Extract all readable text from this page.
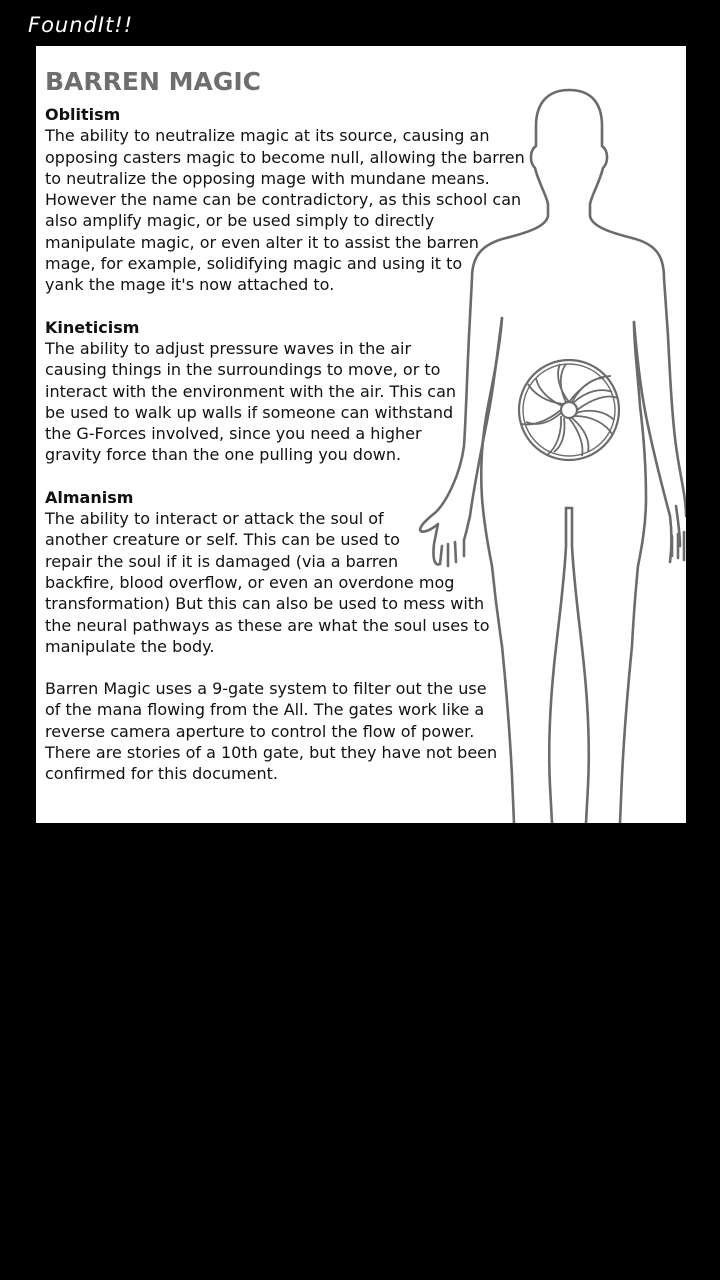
FoundIt!!
BARREN MAGIC

Oblitism

The ability to neutralize magic at its source, causing an
opposing casters magic to become null, allowing the barren
to neutralize the opposing mage with mundane means.
However the name can be contradictory, as this school can
also amplify magic, or be used simply to directly
manipulate magic, or even alter it to assist the barren
mage, for example, solidifying magic and using it to
yank the mage it's now attached to.

Kineticism

The ability to adjust pressure waves in the air
causing things in the surroundings to move, or to
interact with the environment with the air. This can
be used to walk up walls if someone can withstand
the G-Forces involved, since you need a higher
gravity force than the one pulling you down.

Almanism

The ability to interact or attack the soul of
another creature or self. This can be used to
repair the soul if it is damaged (via a barren
backfire, blood overflow, or even an overdone mog
transformation) But this can also be used to mess with
the neural pathways as these are what the soul uses to
manipulate the body.

Barren Magic uses a 9-gate system to filter out the use
of the mana flowing from the All. The gates work like a
reverse camera aperture to control the flow of power.
There are stories of a 10th gate, but they have not been
confirmed for this document.
